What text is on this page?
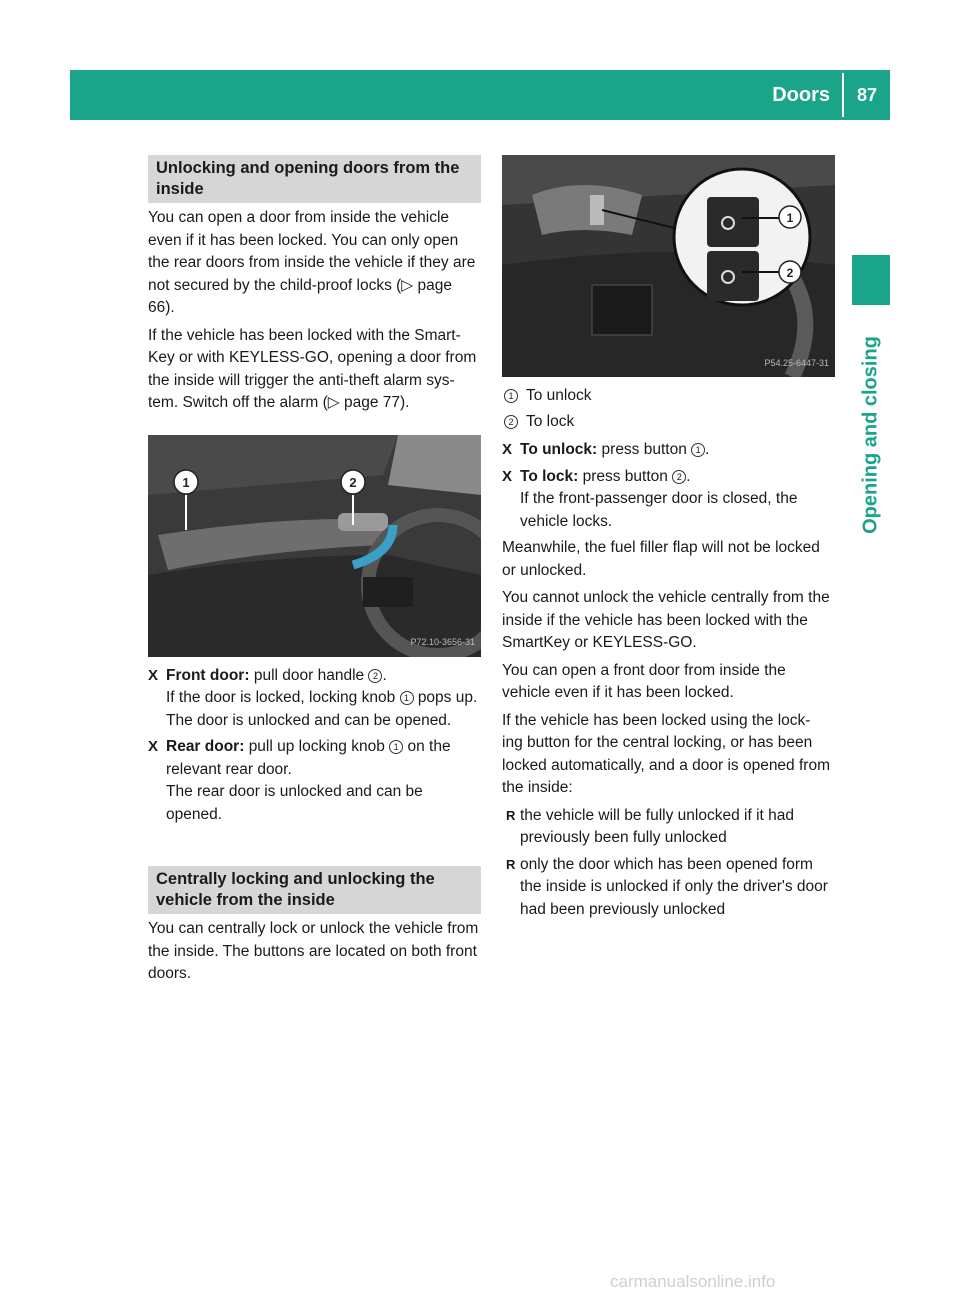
Doors	87
Opening and closing
Unlocking and opening doors from the inside

You can open a door from inside the vehicle even if it has been locked. You can only open the rear doors from inside the vehicle if they are not secured by the child-proof locks (▷ page 66).

If the vehicle has been locked with the Smart- Key or with KEYLESS-GO, opening a door from the inside will trigger the anti-theft alarm sys- tem. Switch off the alarm (▷ page 77).

1	2
P72.10-3656-31
X Front door: pull door handle 2 .
If the door is locked, locking knob 1 pops up. The door is unlocked and can be opened.
X Rear door: pull up locking knob 1 on the relevant rear door.
The rear door is unlocked and can be opened.
Centrally locking and unlocking the vehicle from the inside

You can centrally lock or unlock the vehicle from the inside. The buttons are located on both front doors.

1
2
P54.25-6447-31
1 To unlock
2 To lock
X To unlock: press button 1 .
X To lock: press button 2 .
If the front-passenger door is closed, the vehicle locks.

Meanwhile, the fuel filler flap will not be locked or unlocked.

You cannot unlock the vehicle centrally from the inside if the vehicle has been locked with the SmartKey or KEYLESS-GO.

You can open a front door from inside the vehicle even if it has been locked.

If the vehicle has been locked using the lock- ing button for the central locking, or has been locked automatically, and a door is opened from the inside:

R the vehicle will be fully unlocked if it had previously been fully unlocked
R only the door which has been opened form the inside is unlocked if only the driver's door had been previously unlocked
carmanualsonline.info
